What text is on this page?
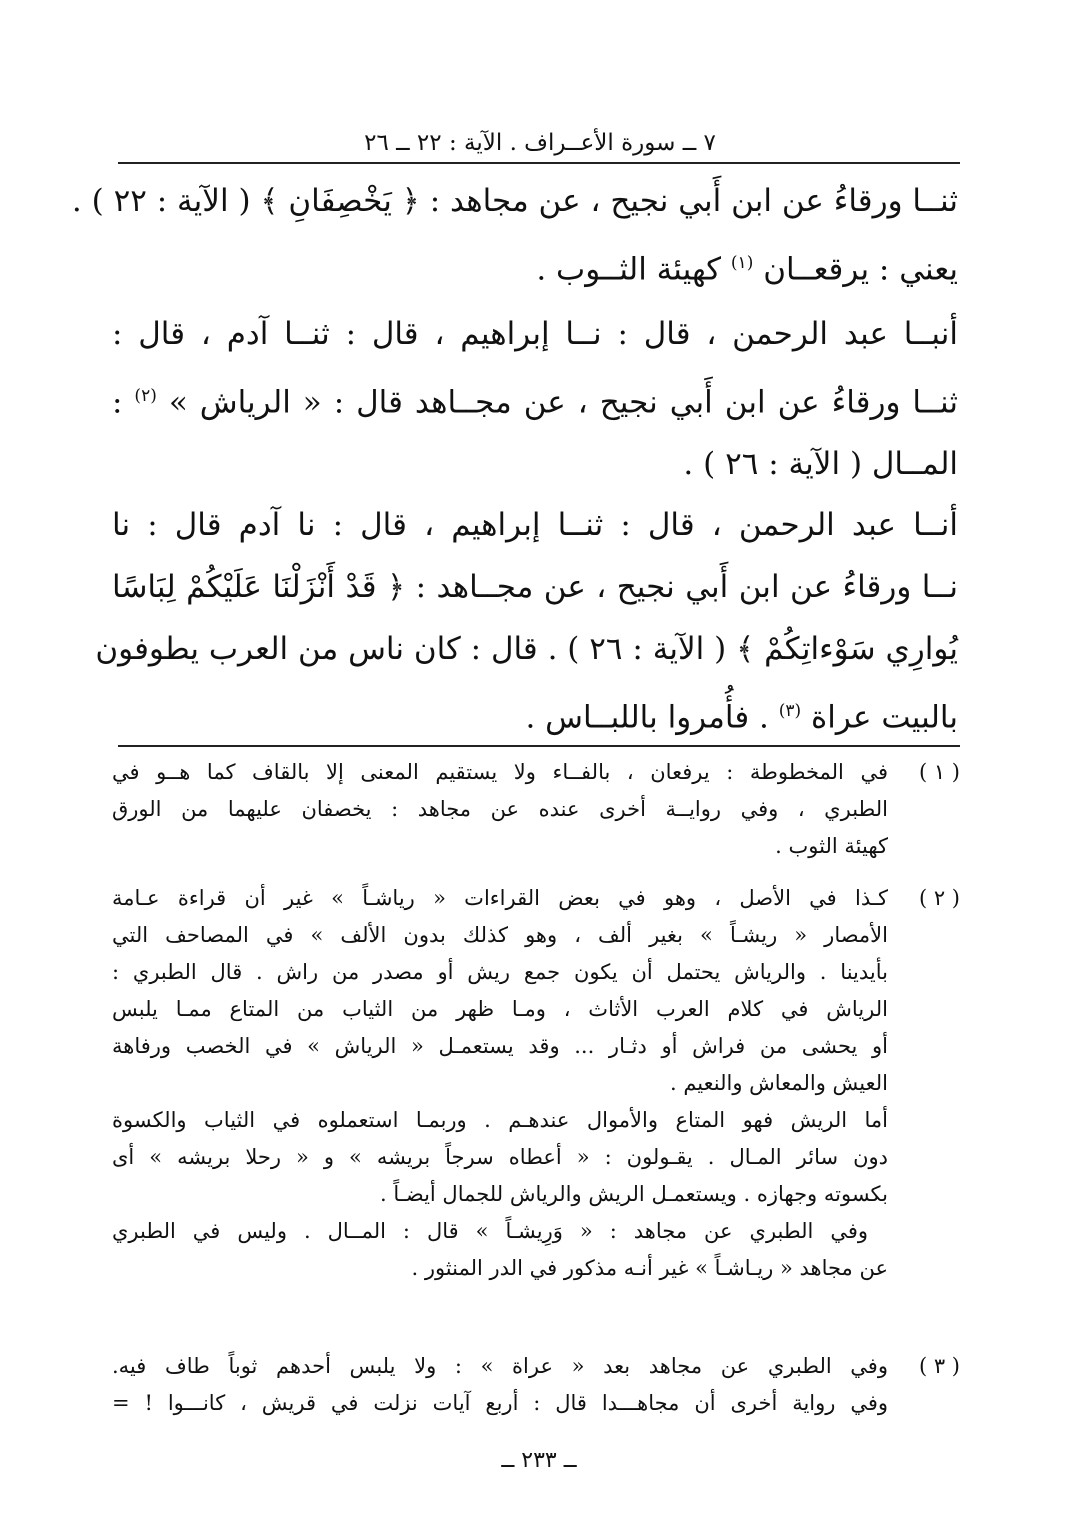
٧ ــ سورة الأعــراف . الآية : ٢٢ ــ ٢٦
ثنــا ورقاءُ عن ابن أَبي نجيح ، عن مجاهد : ﴿ يَخْصِفَانِ ﴾ ( الآية : ٢٢ ) .
يعني : يرقعــان $^{(١)}$ كهيئة الثــوب .
أنبــا عبد الرحمن ، قال : نــا إبراهيم ، قال : ثنــا آدم ، قال :
ثنــا ورقاءُ عن ابن أَبي نجيح ، عن مجــاهد قال : « الرياش » $^{(٢)}$ :
المــال ( الآية : ٢٦ ) .
أنــا عبد الرحمن ، قال : ثنــا إبراهيم ، قال : نا آدم قال : نا
نــا ورقاءُ عن ابن أَبي نجيح ، عن مجــاهد : ﴿ قَدْ أَنْزَلْنَا عَلَيْكُمْ لِبَاسًا
يُوارِي سَوْءاتِكُمْ ﴾ ( الآية : ٢٦ ) . قال : كان ناس من العرب يطوفون
بالبيت عراة $^{(٣)}$ . فأُمروا باللبــاس .
( ١ )
في المخطوطة : يرفعان ، بالفــاء ولا يستقيم المعنى إلا بالقاف كما هــو في
الطبري ، وفي روايــة أخرى عنده عن مجاهد : يخصفان عليهما من الورق
كهيئة الثوب .
( ٢ )
كـذا في الأصل ، وهو في بعض القراءات « رياشـاً » غير أن قراءة عـامة
الأمصار « ريشـاً » بغير ألف ، وهو كذلك بدون الألف » في المصاحف التي
بأيدينا . والرياش يحتمل أن يكون جمع ريش أو مصدر من راش . قال الطبري :
الرياش في كلام العرب الأثاث ، ومـا ظهر من الثياب من المتاع ممـا يلبس
أو يحشى من فراش أو دثـار ... وقد يستعمـل « الرياش » في الخصب ورفاهة
العيش والمعاش والنعيم .
أما الريش فهو المتاع والأموال عندهـم . وربمـا استعملوه في الثياب والكسوة
دون سائر المـال . يقـولون : « أعطاه سرجاً بريشه » و « رحلا بريشه » أى
بكسوته وجهازه . ويستعمـل الريش والرياش للجمال أيضـاً .
وفي الطبري عن مجاهد : « وَرِيشـاً » قال : المــال . وليس في الطبري
عن مجاهد « ريـاشـاً » غير أنـه مذكور في الدر المنثور .
( ٣ )
وفي الطبري عن مجاهد بعد « عراة » : ولا يلبس أحدهم ثوباً طاف فيه.
وفي رواية أخرى أن مجاهـــدا قال : أربع آيات نزلت في قريش ، كانـــوا ! =
ــ ٢٣٣ ــ
